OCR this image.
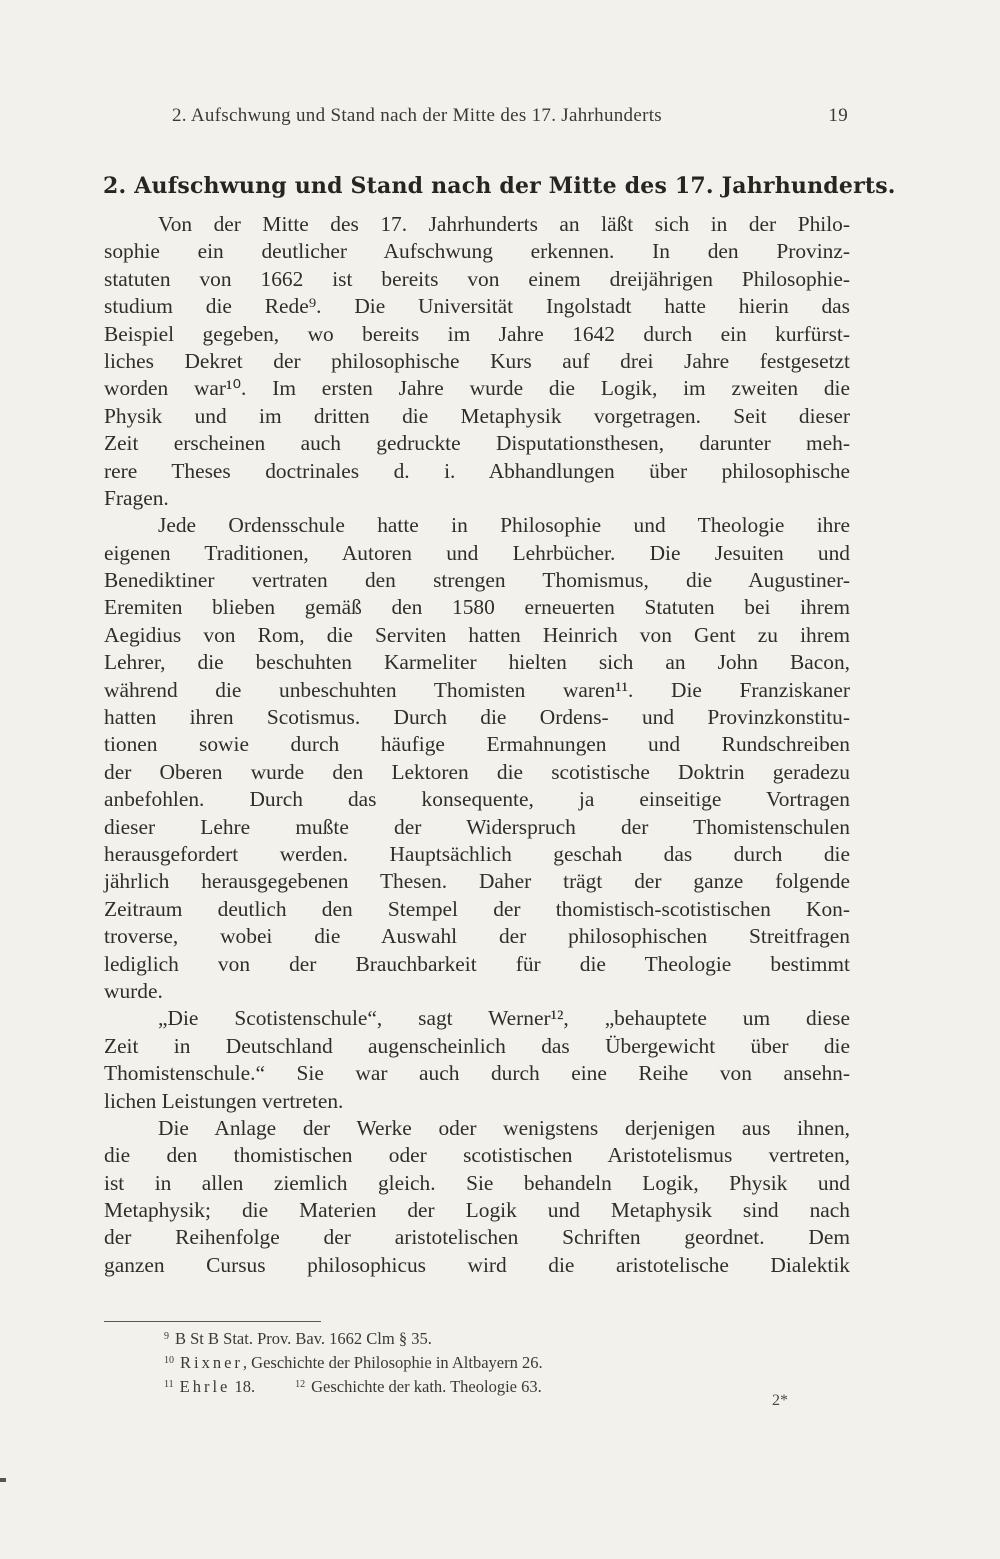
2. Aufschwung und Stand nach der Mitte des 17. Jahrhunderts	19
2. Aufschwung und Stand nach der Mitte des 17. Jahrhunderts.
Von der Mitte des 17. Jahrhunderts an läßt sich in der Philo-
sophie ein deutlicher Aufschwung erkennen. In den Provinz-
statuten von 1662 ist bereits von einem dreijährigen Philosophie-
studium die Rede⁹. Die Universität Ingolstadt hatte hierin das
Beispiel gegeben, wo bereits im Jahre 1642 durch ein kurfürst-
liches Dekret der philosophische Kurs auf drei Jahre festgesetzt
worden war¹⁰. Im ersten Jahre wurde die Logik, im zweiten die
Physik und im dritten die Metaphysik vorgetragen. Seit dieser
Zeit erscheinen auch gedruckte Disputationsthesen, darunter meh-
rere Theses doctrinales d. i. Abhandlungen über philosophische
Fragen.
Jede Ordensschule hatte in Philosophie und Theologie ihre
eigenen Traditionen, Autoren und Lehrbücher. Die Jesuiten und
Benediktiner vertraten den strengen Thomismus, die Augustiner-
Eremiten blieben gemäß den 1580 erneuerten Statuten bei ihrem
Aegidius von Rom, die Serviten hatten Heinrich von Gent zu ihrem
Lehrer, die beschuhten Karmeliter hielten sich an John Bacon,
während die unbeschuhten Thomisten waren¹¹. Die Franziskaner
hatten ihren Scotismus. Durch die Ordens- und Provinzkonstitu-
tionen sowie durch häufige Ermahnungen und Rundschreiben
der Oberen wurde den Lektoren die scotistische Doktrin geradezu
anbefohlen. Durch das konsequente, ja einseitige Vortragen
dieser Lehre mußte der Widerspruch der Thomistenschulen
herausgefordert werden. Hauptsächlich geschah das durch die
jährlich herausgegebenen Thesen. Daher trägt der ganze folgende
Zeitraum deutlich den Stempel der thomistisch-scotistischen Kon-
troverse, wobei die Auswahl der philosophischen Streitfragen
lediglich von der Brauchbarkeit für die Theologie bestimmt
wurde.
„Die Scotistenschule“, sagt Werner¹², „behauptete um diese
Zeit in Deutschland augenscheinlich das Übergewicht über die
Thomistenschule.“ Sie war auch durch eine Reihe von ansehn-
lichen Leistungen vertreten.
Die Anlage der Werke oder wenigstens derjenigen aus ihnen,
die den thomistischen oder scotistischen Aristotelismus vertreten,
ist in allen ziemlich gleich. Sie behandeln Logik, Physik und
Metaphysik; die Materien der Logik und Metaphysik sind nach
der Reihenfolge der aristotelischen Schriften geordnet. Dem
ganzen Cursus philosophicus wird die aristotelische Dialektik
$^9$ B St B Stat. Prov. Bav. 1662 Clm § 35.
$^{10}$ Rixner, Geschichte der Philosophie in Altbayern 26.
$^{11}$ Ehrle 18.	$^{12}$ Geschichte der kath. Theologie 63.
2*
